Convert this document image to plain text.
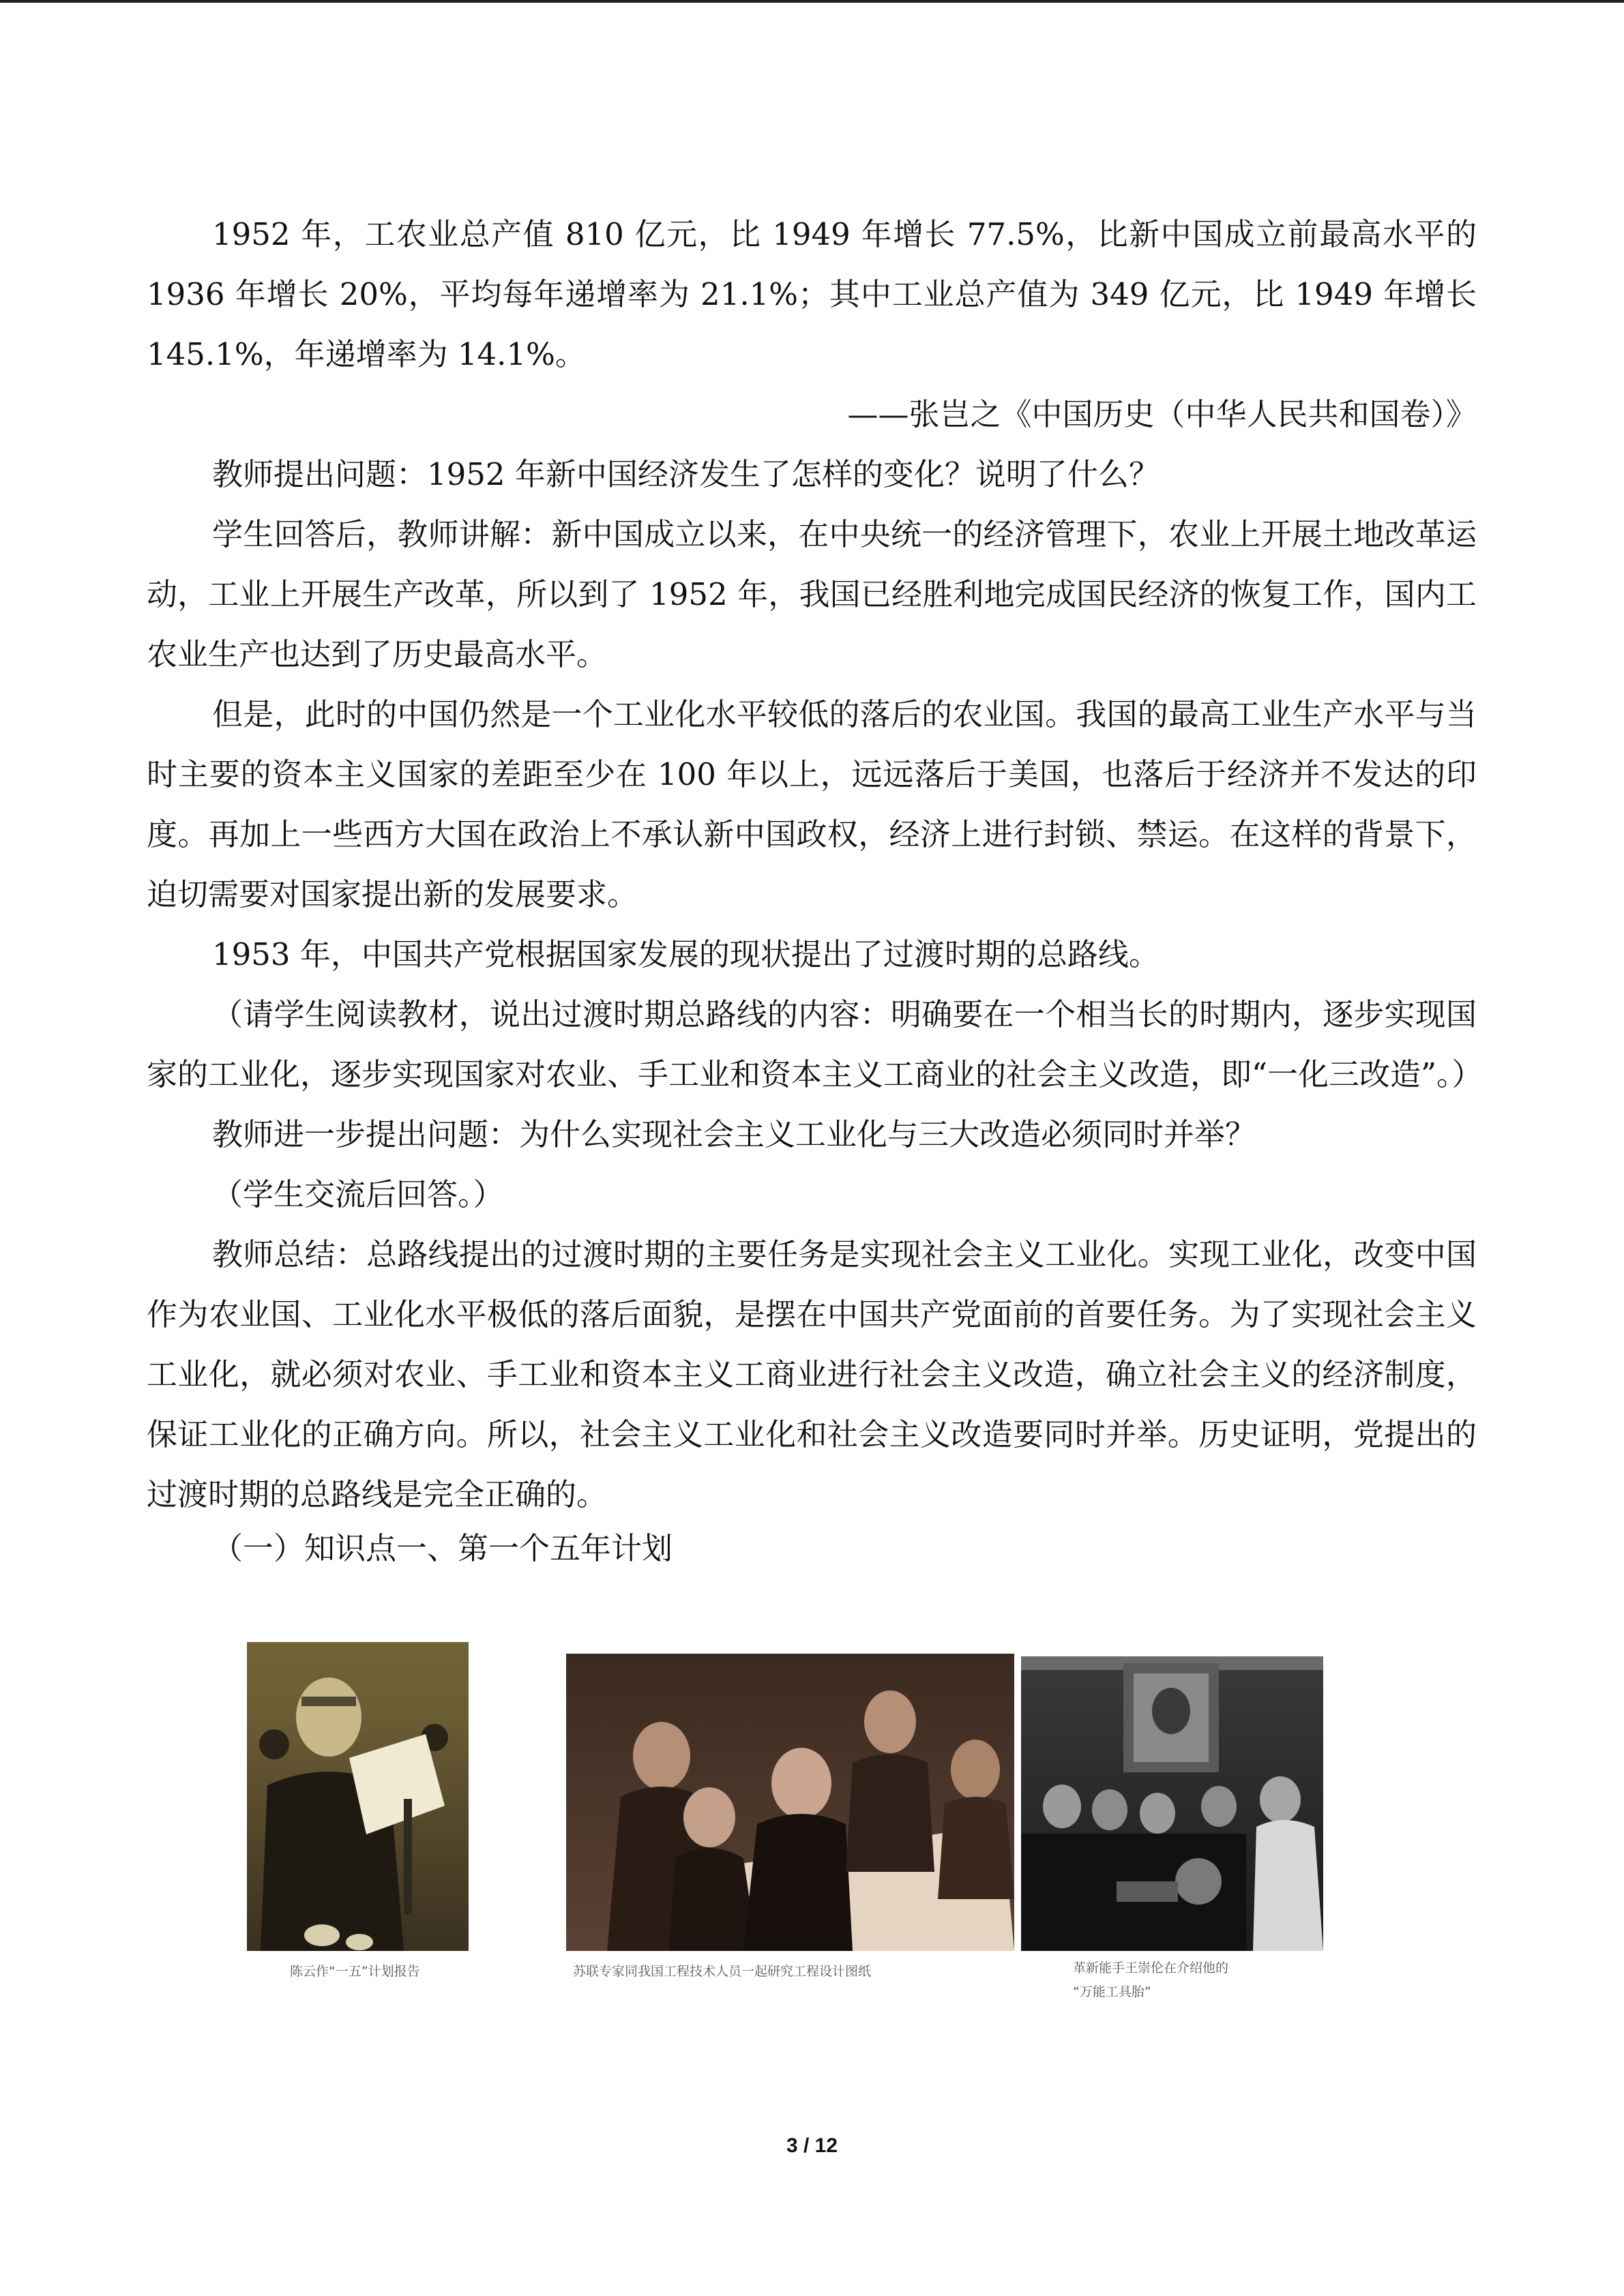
1952 年，工农业总产值 810 亿元，比 1949 年增长 77.5%，比新中国成立前最高水平的 1936 年增长 20%，平均每年递增率为 21.1%；其中工业总产值为 349 亿元，比 1949 年增长 145.1%，年递增率为 14.1%。

——张岂之《中国历史（中华人民共和国卷）》

教师提出问题：1952 年新中国经济发生了怎样的变化？说明了什么？

学生回答后，教师讲解：新中国成立以来，在中央统一的经济管理下，农业上开展土地改革运动，工业上开展生产改革，所以到了 1952 年，我国已经胜利地完成国民经济的恢复工作，国内工农业生产也达到了历史最高水平。

但是，此时的中国仍然是一个工业化水平较低的落后的农业国。我国的最高工业生产水平与当时主要的资本主义国家的差距至少在 100 年以上，远远落后于美国，也落后于经济并不发达的印度。再加上一些西方大国在政治上不承认新中国政权，经济上进行封锁、禁运。在这样的背景下，迫切需要对国家提出新的发展要求。

1953 年，中国共产党根据国家发展的现状提出了过渡时期的总路线。

（请学生阅读教材，说出过渡时期总路线的内容：明确要在一个相当长的时期内，逐步实现国家的工业化，逐步实现国家对农业、手工业和资本主义工商业的社会主义改造，即“一化三改造”。）

教师进一步提出问题：为什么实现社会主义工业化与三大改造必须同时并举？

（学生交流后回答。）

教师总结：总路线提出的过渡时期的主要任务是实现社会主义工业化。实现工业化，改变中国作为农业国、工业化水平极低的落后面貌，是摆在中国共产党面前的首要任务。为了实现社会主义工业化，就必须对农业、手工业和资本主义工商业进行社会主义改造，确立社会主义的经济制度，保证工业化的正确方向。所以，社会主义工业化和社会主义改造要同时并举。历史证明，党提出的过渡时期的总路线是完全正确的。

（一）知识点一、第一个五年计划

陈云作“一五”计划报告	苏联专家同我国工程技术人员一起研究工程设计图纸	革新能手王崇伦在介绍他的
“万能工具胎”
3 / 12
